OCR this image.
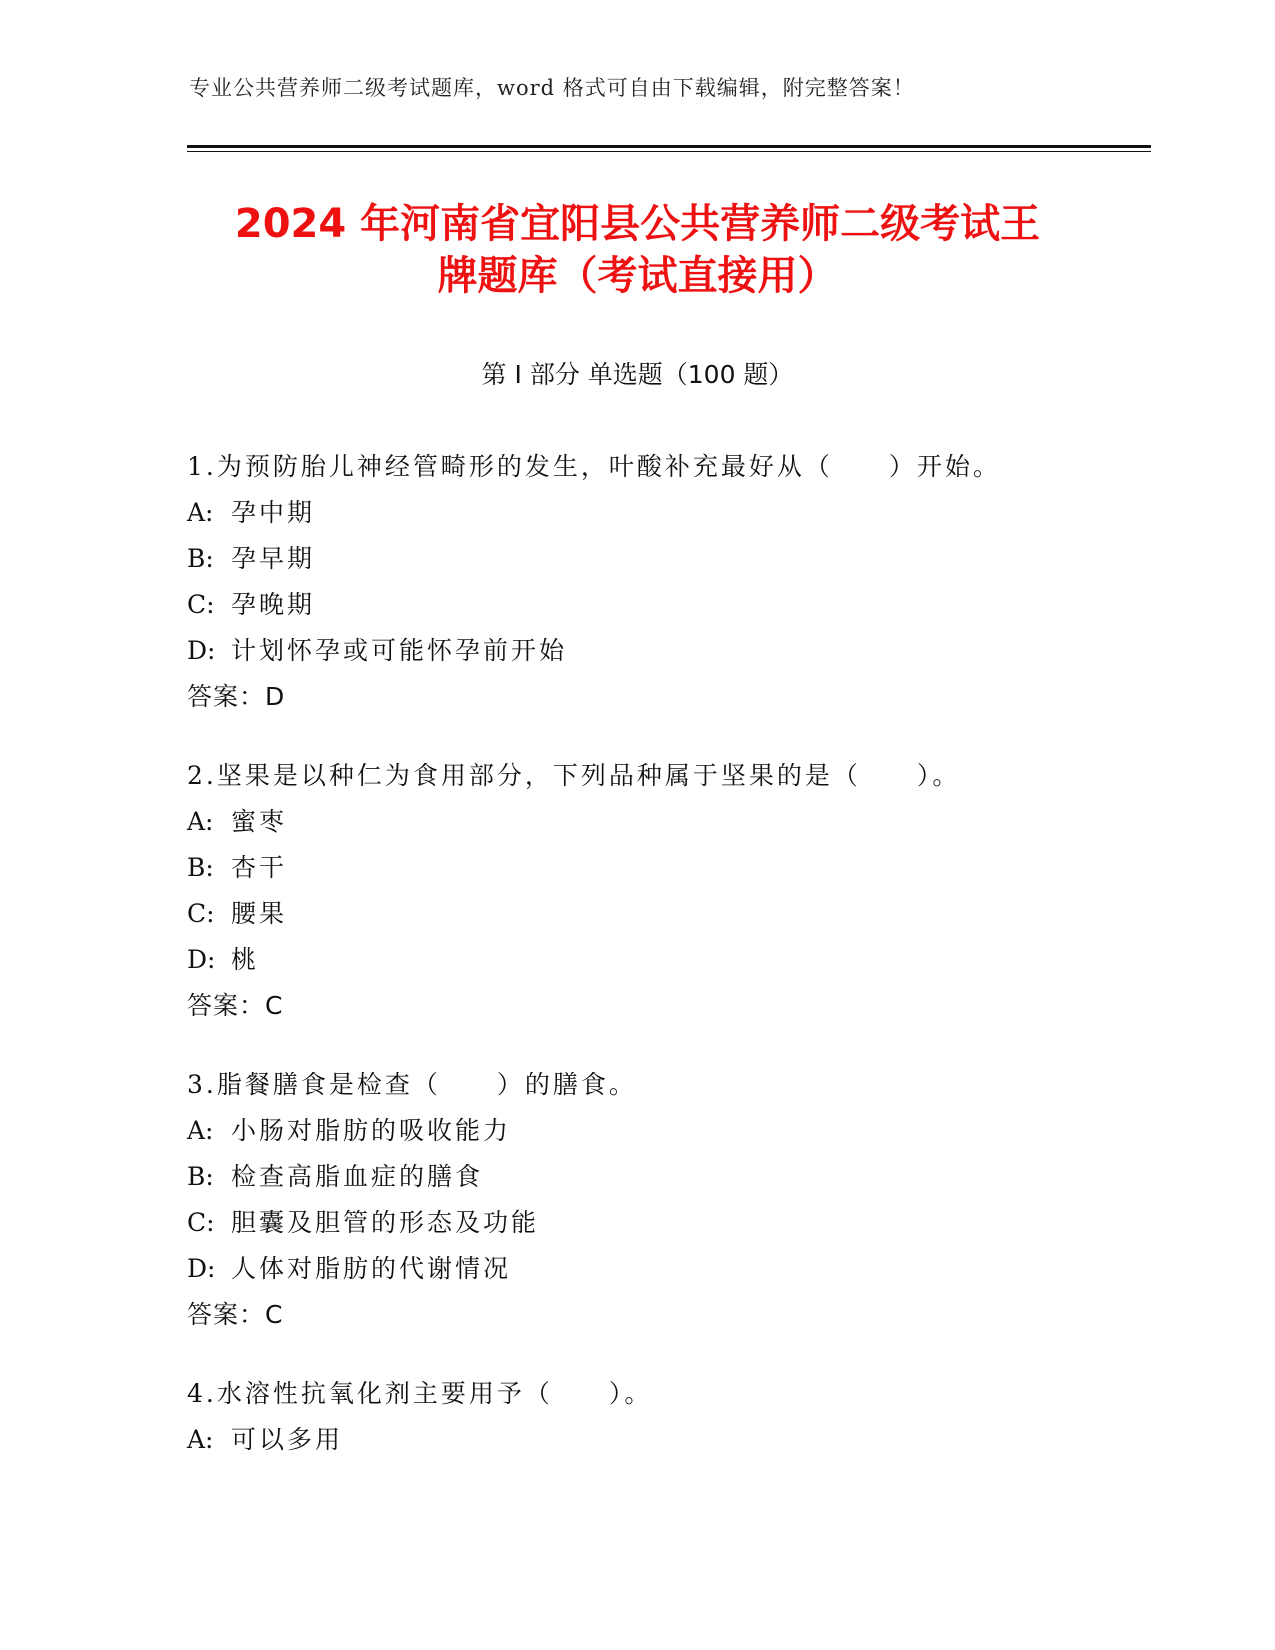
专业公共营养师二级考试题库，word 格式可自由下载编辑，附完整答案！
2024 年河南省宜阳县公共营养师二级考试王
牌题库（考试直接用）
第 I 部分 单选题（100 题）
1.为预防胎儿神经管畸形的发生，叶酸补充最好从（　　）开始。
A: 孕中期
B: 孕早期
C: 孕晚期
D: 计划怀孕或可能怀孕前开始
答案：D
2.坚果是以种仁为食用部分，下列品种属于坚果的是（　　）。
A: 蜜枣
B: 杏干
C: 腰果
D: 桃
答案：C
3.脂餐膳食是检查（　　）的膳食。
A: 小肠对脂肪的吸收能力
B: 检查高脂血症的膳食
C: 胆囊及胆管的形态及功能
D: 人体对脂肪的代谢情况
答案：C
4.水溶性抗氧化剂主要用予（　　）。
A: 可以多用
